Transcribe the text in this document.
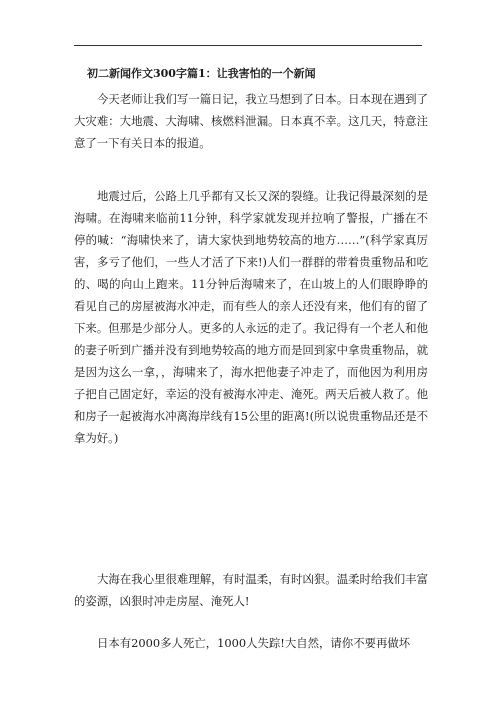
初二新闻作文300字篇1：让我害怕的一个新闻

今天老师让我们写一篇日记，我立马想到了日本。日本现在遇到了大灾难：大地震、大海啸、核燃料泄漏。日本真不幸。这几天，特意注意了一下有关日本的报道。

地震过后，公路上几乎都有又长又深的裂缝。让我记得最深刻的是海啸。在海啸来临前11分钟，科学家就发现并拉响了警报，广播在不停的喊：“海啸快来了，请大家快到地势较高的地方……”(科学家真厉害，多亏了他们，一些人才活了下来!)人们一群群的带着贵重物品和吃的、喝的向山上跑来。11分钟后海啸来了，在山坡上的人们眼睁睁的看见自己的房屋被海水冲走，而有些人的亲人还没有来，他们有的留了下来。但那是少部分人。更多的人永远的走了。我记得有一个老人和他的妻子听到广播并没有到地势较高的地方而是回到家中拿贵重物品，就是因为这么一拿，，海啸来了，海水把他妻子冲走了，而他因为利用房子把自己固定好，幸运的没有被海水冲走、淹死。两天后被人救了。他和房子一起被海水冲离海岸线有15公里的距离!(所以说贵重物品还是不拿为好。)

大海在我心里很难理解，有时温柔，有时凶狠。温柔时给我们丰富的姿源，凶狠时冲走房屋、淹死人!

日本有2000多人死亡，1000人失踪!大自然，请你不要再做坏
